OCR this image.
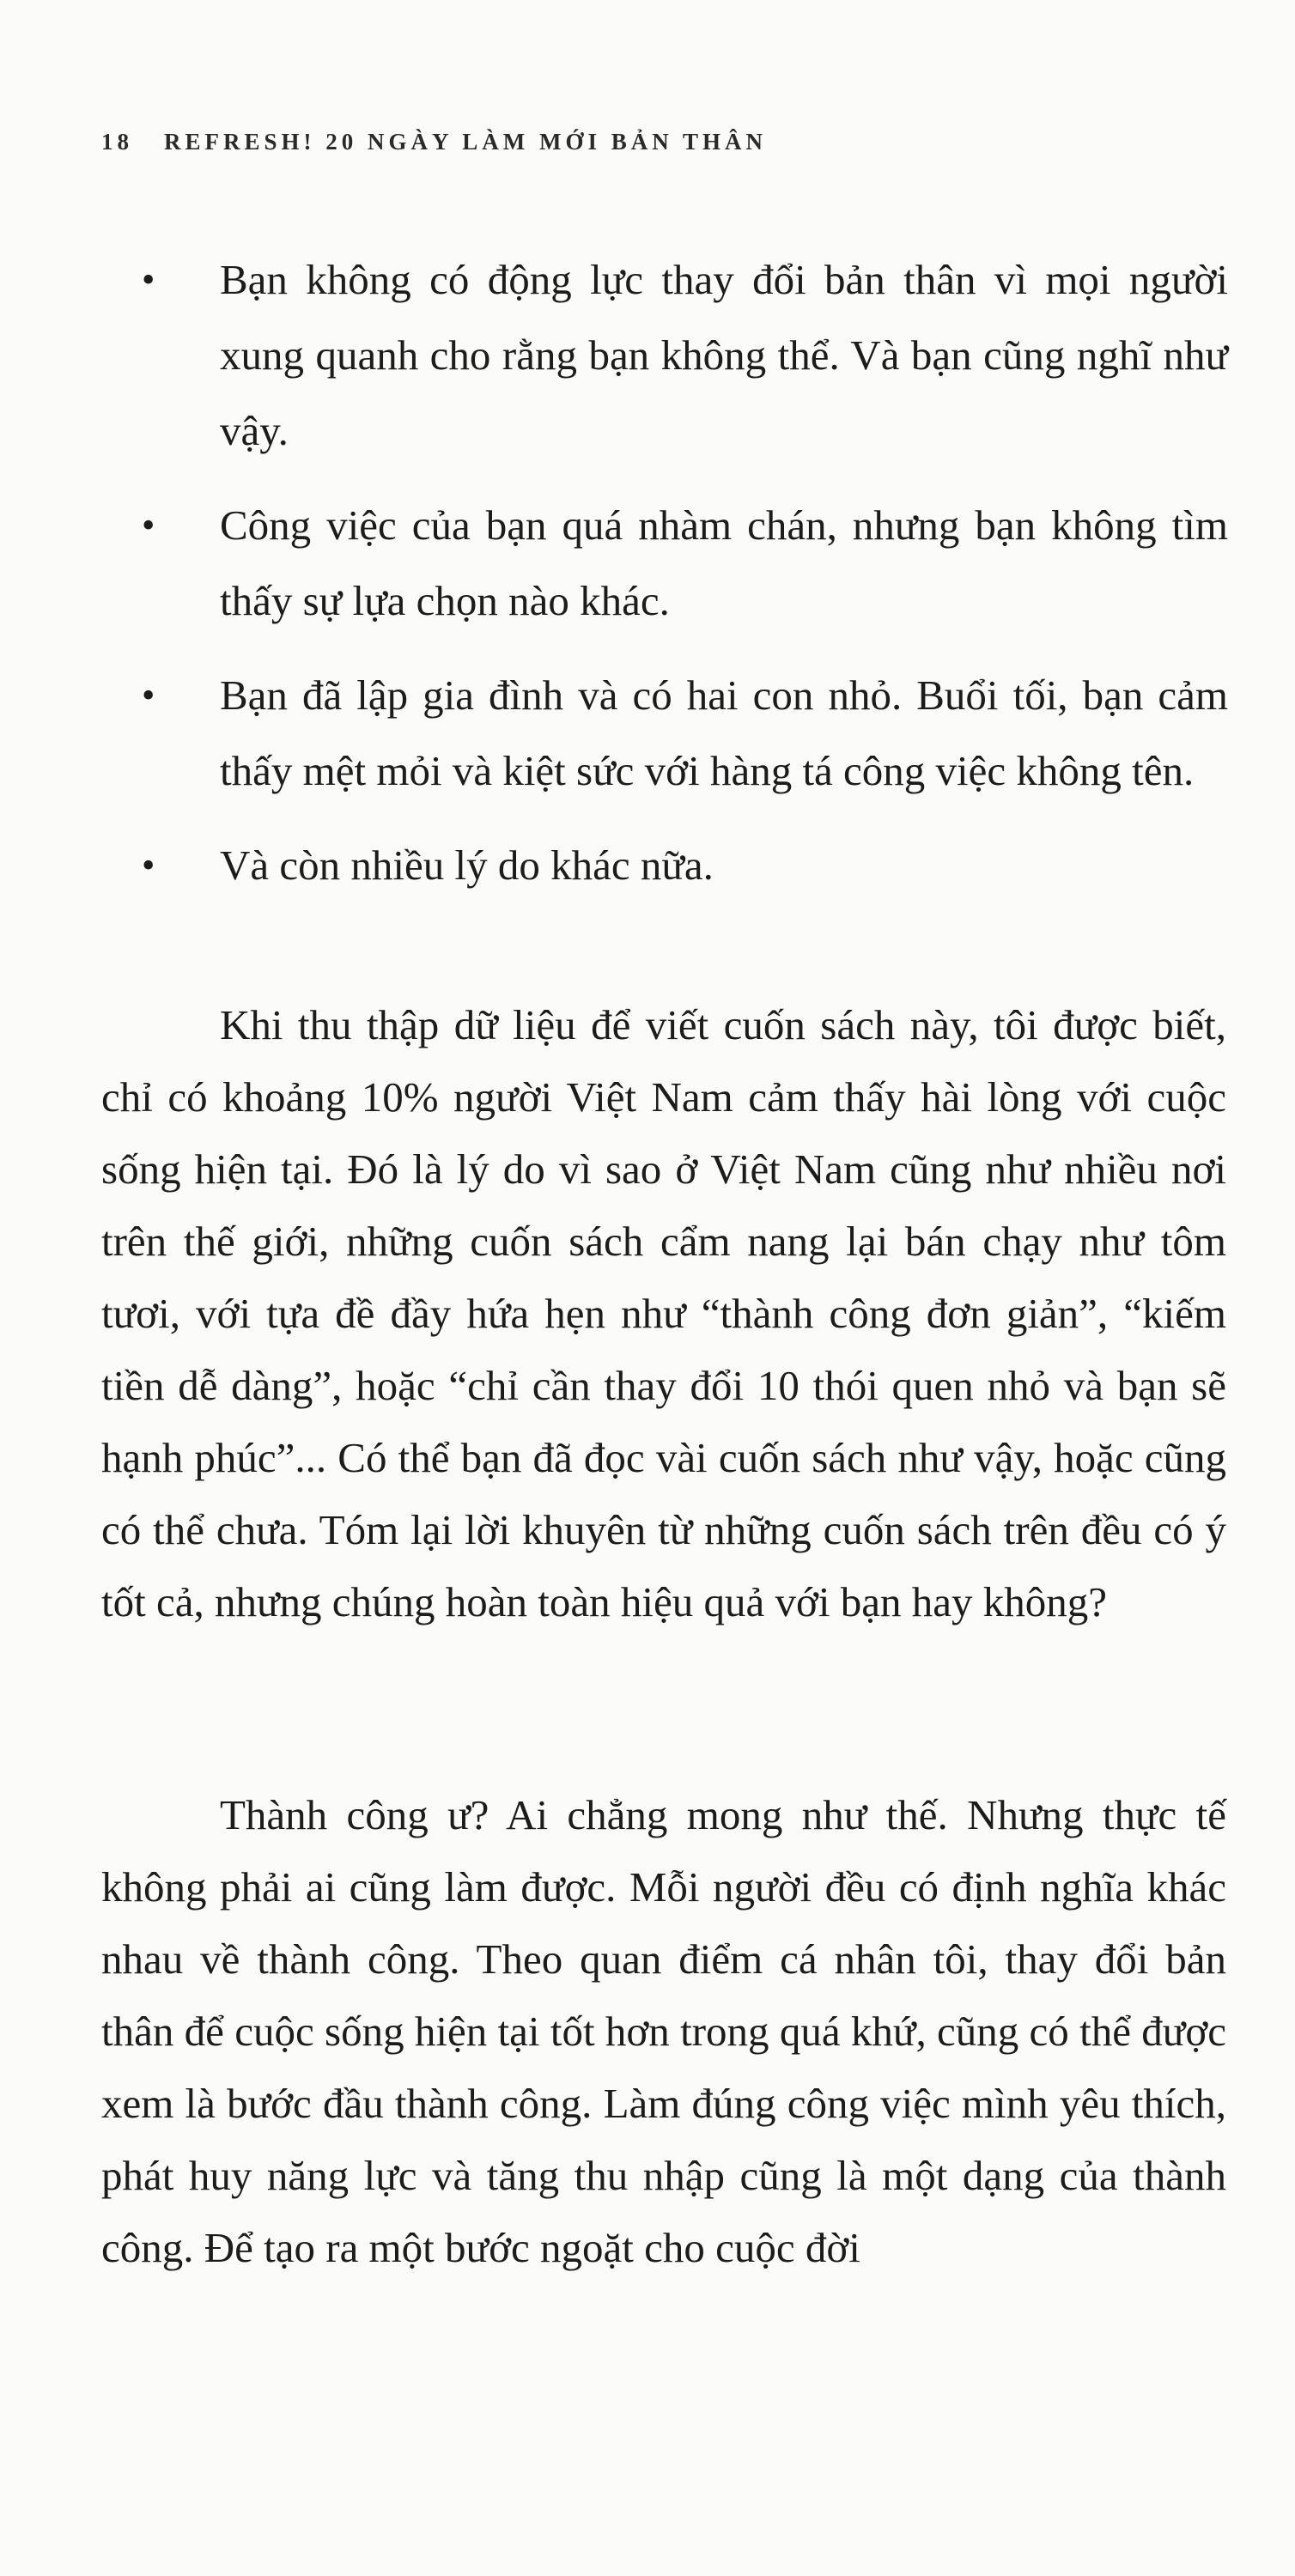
18 REFRESH! 20 NGÀY LÀM MỚI BẢN THÂN
• Bạn không có động lực thay đổi bản thân vì mọi người xung quanh cho rằng bạn không thể. Và bạn cũng nghĩ như vậy.
• Công việc của bạn quá nhàm chán, nhưng bạn không tìm thấy sự lựa chọn nào khác.
• Bạn đã lập gia đình và có hai con nhỏ. Buổi tối, bạn cảm thấy mệt mỏi và kiệt sức với hàng tá công việc không tên.
• Và còn nhiều lý do khác nữa.

Khi thu thập dữ liệu để viết cuốn sách này, tôi được biết, chỉ có khoảng 10% người Việt Nam cảm thấy hài lòng với cuộc sống hiện tại. Đó là lý do vì sao ở Việt Nam cũng như nhiều nơi trên thế giới, những cuốn sách cẩm nang lại bán chạy như tôm tươi, với tựa đề đầy hứa hẹn như “thành công đơn giản”, “kiếm tiền dễ dàng”, hoặc “chỉ cần thay đổi 10 thói quen nhỏ và bạn sẽ hạnh phúc”... Có thể bạn đã đọc vài cuốn sách như vậy, hoặc cũng có thể chưa. Tóm lại lời khuyên từ những cuốn sách trên đều có ý tốt cả, nhưng chúng hoàn toàn hiệu quả với bạn hay không?

Thành công ư? Ai chẳng mong như thế. Nhưng thực tế không phải ai cũng làm được. Mỗi người đều có định nghĩa khác nhau về thành công. Theo quan điểm cá nhân tôi, thay đổi bản thân để cuộc sống hiện tại tốt hơn trong quá khứ, cũng có thể được xem là bước đầu thành công. Làm đúng công việc mình yêu thích, phát huy năng lực và tăng thu nhập cũng là một dạng của thành công. Để tạo ra một bước ngoặt cho cuộc đời
